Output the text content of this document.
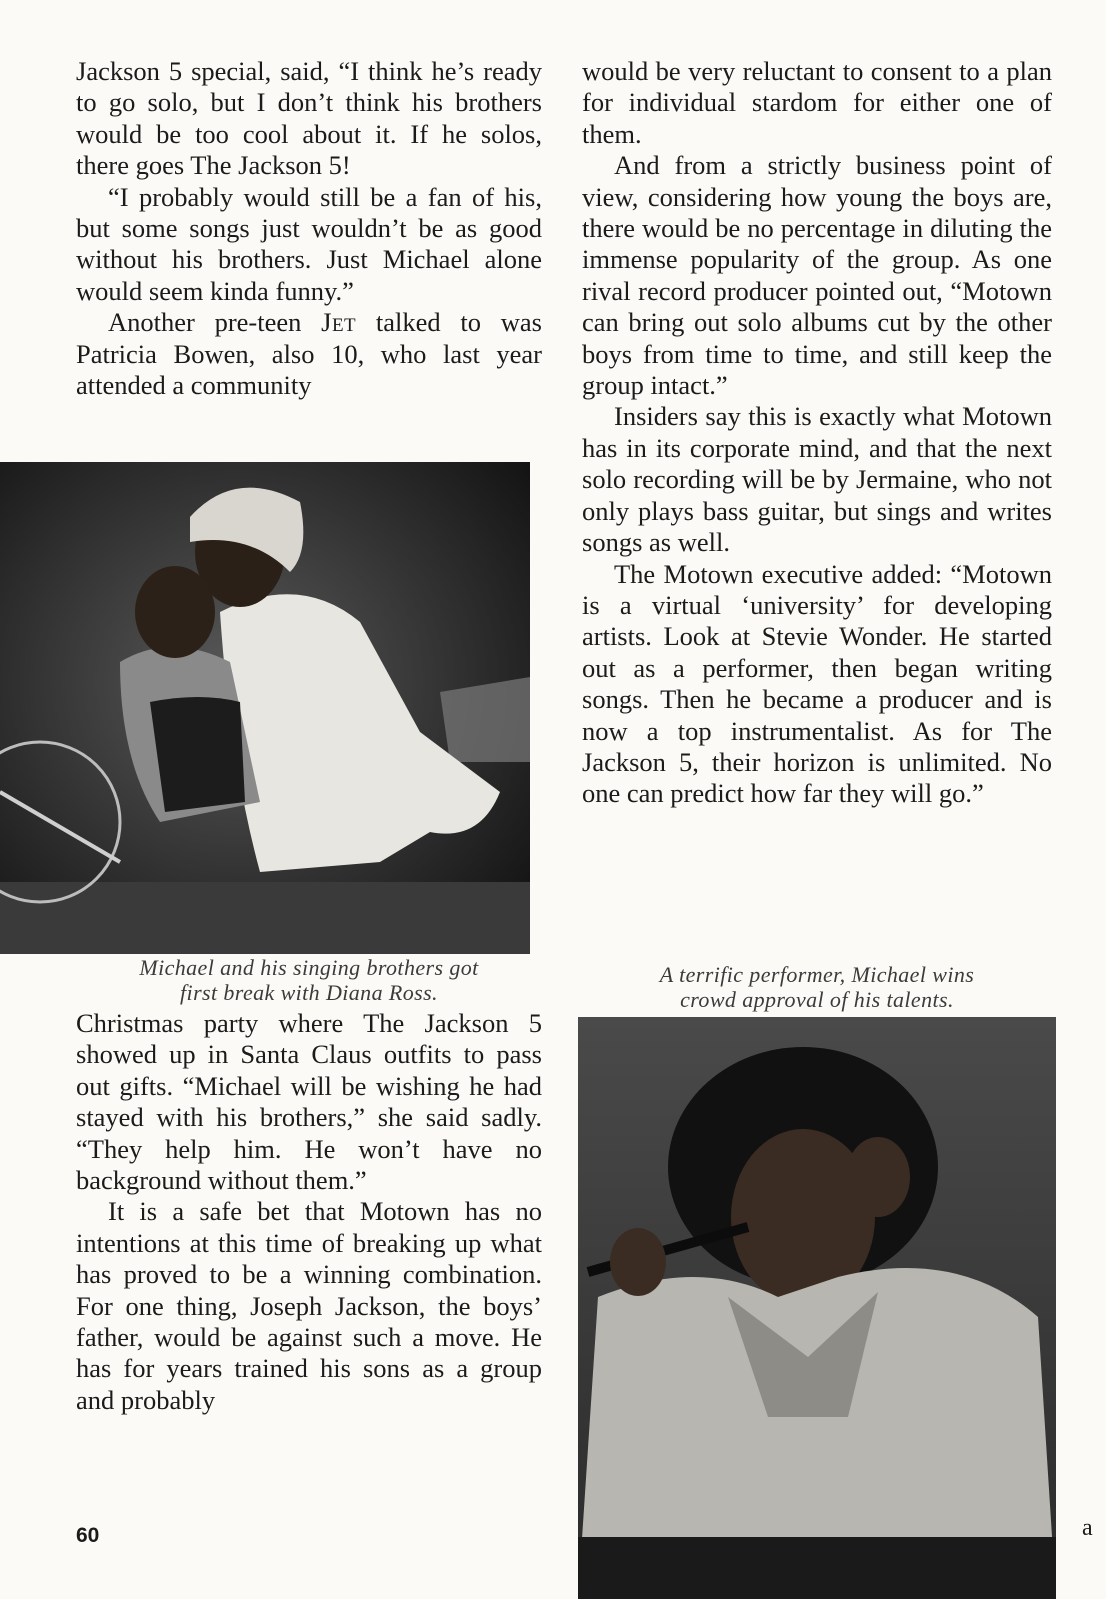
Jackson 5 special, said, “I think he’s ready to go solo, but I don’t think his brothers would be too cool about it. If he solos, there goes The Jackson 5!

“I probably would still be a fan of his, but some songs just wouldn’t be as good without his brothers. Just Michael alone would seem kinda funny.”

Another pre-teen Jet talked to was Patricia Bowen, also 10, who last year attended a community

Michael and his singing brothers got
first break with Diana Ross.

Christmas party where The Jackson 5 showed up in Santa Claus outfits to pass out gifts. “Michael will be wishing he had stayed with his brothers,” she said sadly. “They help him. He won’t have no background without them.”

It is a safe bet that Motown has no intentions at this time of breaking up what has proved to be a winning combination. For one thing, Joseph Jackson, the boys’ father, would be against such a move. He has for years trained his sons as a group and probably

would be very reluctant to consent to a plan for individual stardom for either one of them.

And from a strictly business point of view, considering how young the boys are, there would be no percentage in diluting the immense popularity of the group. As one rival record producer pointed out, “Motown can bring out solo albums cut by the other boys from time to time, and still keep the group intact.”

Insiders say this is exactly what Motown has in its corporate mind, and that the next solo recording will be by Jermaine, who not only plays bass guitar, but sings and writes songs as well.

The Motown executive added: “Motown is a virtual ‘university’ for developing artists. Look at Stevie Wonder. He started out as a performer, then began writing songs. Then he became a producer and is now a top instrumentalist. As for The Jackson 5, their horizon is unlimited. No one can predict how far they will go.”

A terrific performer, Michael wins
crowd approval of his talents.

60	a
